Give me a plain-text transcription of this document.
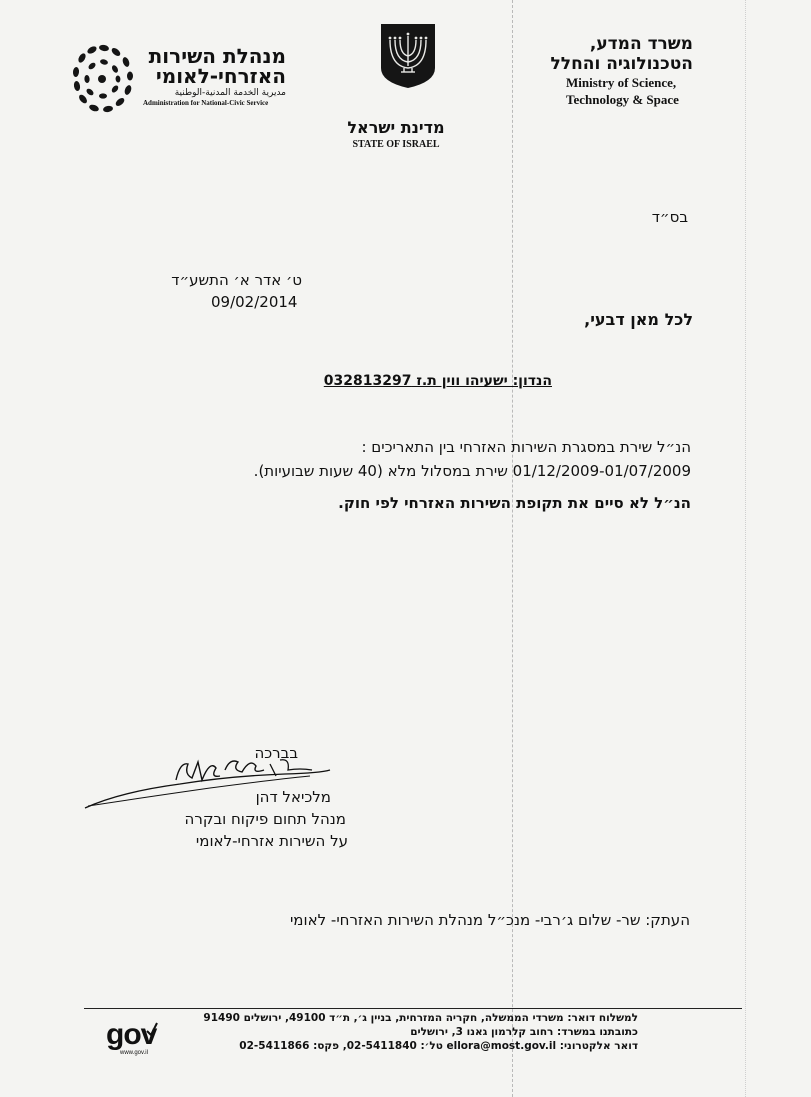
משרד המדע,
הטכנולוגיה והחלל
Ministry of Science,
Technology & Space
מדינת ישראל
STATE OF ISRAEL
מנהלת השירות
האזרחי-לאומי
مديرية الخدمة المدنية-الوطنية
Administration for National-Civic Service
בס״ד
ט׳ אדר א׳ התשע״ד
09/02/2014
לכל מאן דבעי,
הנדון: ישעיהו ווין ת.ז 032813297
הנ״ל שירת במסגרת השירות האזרחי בין התאריכים :
01/12/2009-01/07/2009 שירת במסלול מלא (40 שעות שבועיות).
הנ״ל לא סיים את תקופת השירות האזרחי לפי חוק.
בברכה
מלכיאל דהן
מנהל תחום פיקוח ובקרה
על השירות אזרחי-לאומי
העתק: שר- שלום ג׳רבי- מנכ״ל מנהלת השירות האזרחי- לאומי
למשלוח דואר: משרדי הממשלה, חקריה המזרחית, בניין ג׳, ת״ד 49100, ירושלים 91490
כתובתנו במשרד: רחוב קלרמון גאנו 3, ירושלים
דואר אלקטרוני: ellora@most.gov.il טל׳: 02-5411840, פקס: 02-5411866
gov
www.gov.il
